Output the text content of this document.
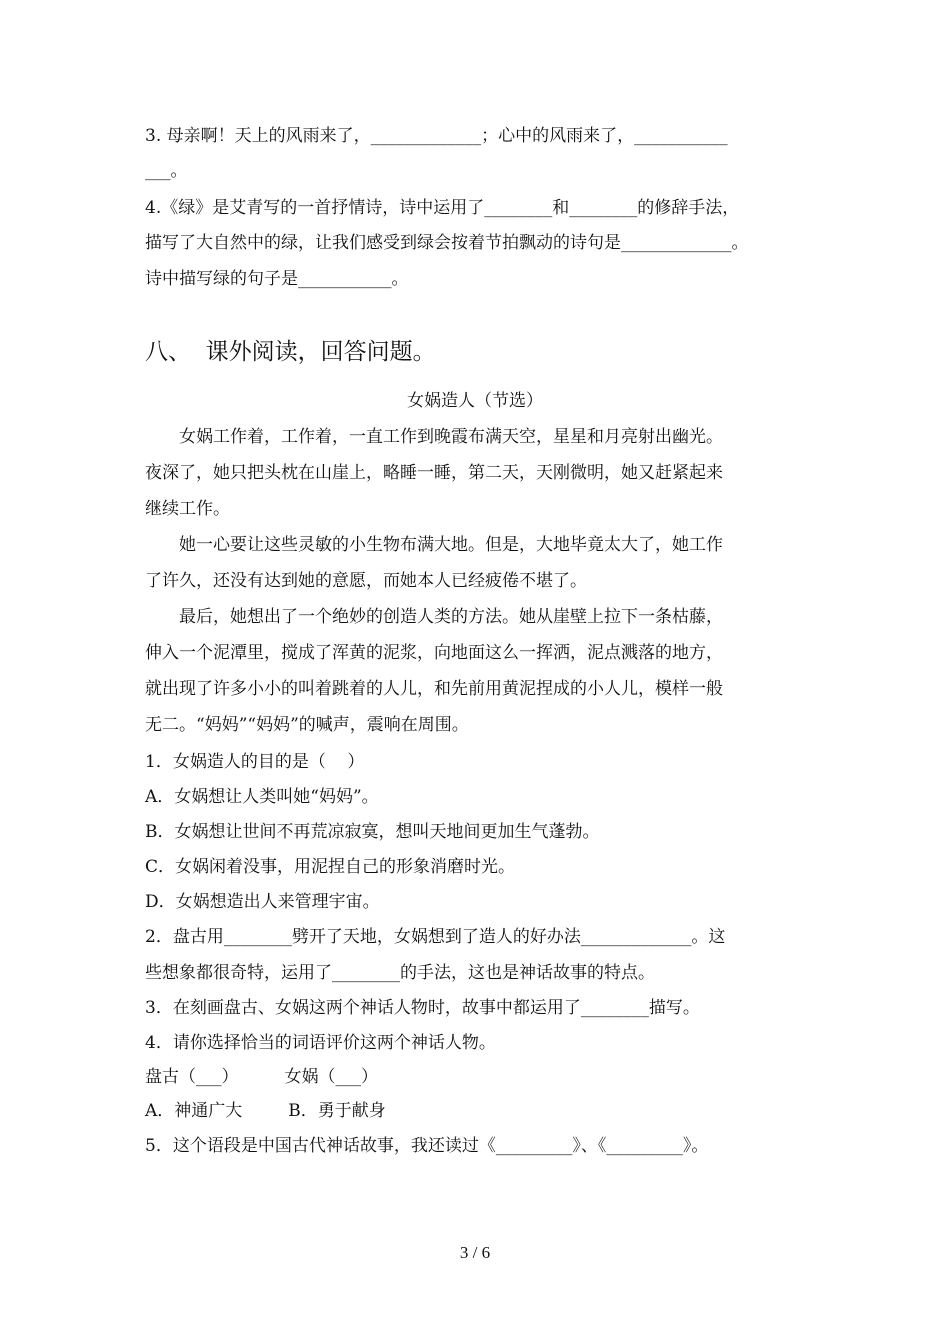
3. 母亲啊！天上的风雨来了，_____________；心中的风雨来了，___________
___。
4.《绿》是艾青写的一首抒情诗，诗中运用了________和________的修辞手法，
描写了大自然中的绿，让我们感受到绿会按着节拍飘动的诗句是_____________。
诗中描写绿的句子是___________。
八、  课外阅读，回答问题。
女娲造人（节选）
女娲工作着，工作着，一直工作到晚霞布满天空，星星和月亮射出幽光。
夜深了，她只把头枕在山崖上，略睡一睡，第二天，天刚微明，她又赶紧起来
继续工作。
她一心要让这些灵敏的小生物布满大地。但是，大地毕竟太大了，她工作
了许久，还没有达到她的意愿，而她本人已经疲倦不堪了。
最后，她想出了一个绝妙的创造人类的方法。她从崖壁上拉下一条枯藤，
伸入一个泥潭里，搅成了浑黄的泥浆，向地面这么一挥洒，泥点溅落的地方，
就出现了许多小小的叫着跳着的人儿，和先前用黄泥捏成的小人儿，模样一般
无二。“妈妈”“妈妈”的喊声，震响在周围。
1．女娲造人的目的是（    ）
A．女娲想让人类叫她“妈妈”。
B．女娲想让世间不再荒凉寂寞，想叫天地间更加生气蓬勃。
C．女娲闲着没事，用泥捏自己的形象消磨时光。
D．女娲想造出人来管理宇宙。
2．盘古用________劈开了天地，女娲想到了造人的好办法_____________。这
些想象都很奇特，运用了________的手法，这也是神话故事的特点。
3．在刻画盘古、女娲这两个神话人物时，故事中都运用了________描写。
4．请你选择恰当的词语评价这两个神话人物。
盘古（___）	女娲（___）
A．神通广大	B．勇于献身
5．这个语段是中国古代神话故事，我还读过《_________》、《_________》。
3 / 6
